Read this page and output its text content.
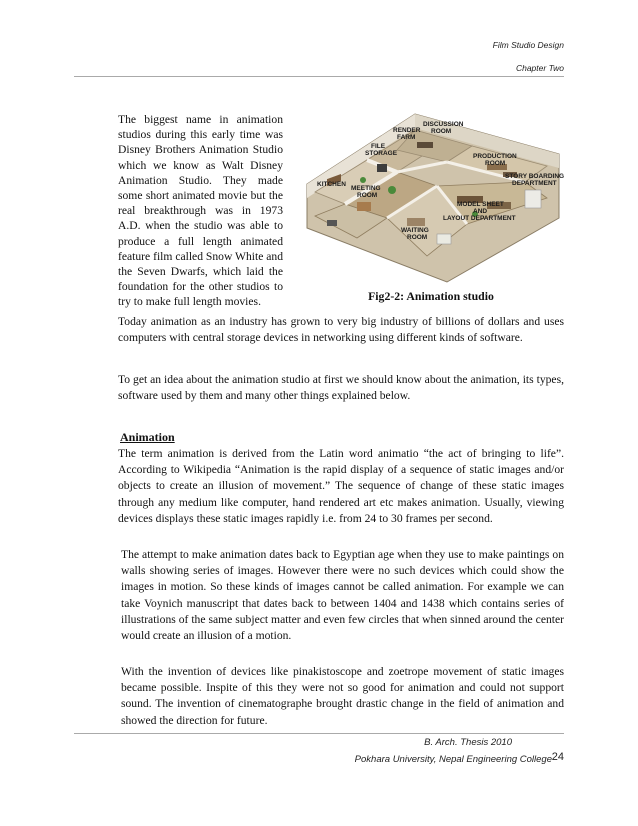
Film Studio Design
Chapter Two

The biggest name in animation studios during this early time was Disney Brothers Animation Studio which we know as Walt Disney Animation Studio. They made some short animated movie but the real breakthrough was in 1973 A.D. when the studio was able to produce a full length animated feature film called Snow White and the Seven Dwarfs, which laid the foundation for the other studios to try to make full length movies.

RENDER
FARM
DISCUSSION
ROOM
FILE
STORAGE	PRODUCTION
ROOM
KITCHEN
MEETING
ROOM
STORY BOARDING
DEPARTMENT
MODEL SHEET
AND
LAYOUT DEPARTMENT
WAITING
ROOM
Fig2-2: Animation studio

Today animation as an industry has grown to very big industry of billions of dollars and uses computers with central storage devices in networking using different kinds of software.

To get an idea about the animation studio at first we should know about the animation, its types, software used by them and many other things explained below.

Animation

The term animation is derived from the Latin word animatio “the act of bringing to life”. According to Wikipedia “Animation is the rapid display of a sequence of static images and/or objects to create an illusion of movement.” The sequence of change of these static images through any medium like computer, hand rendered art etc makes animation. Usually, viewing devices displays these static images rapidly i.e. from 24 to 30 frames per second.

The attempt to make animation dates back to Egyptian age when they use to make paintings on walls showing series of images. However there were no such devices which could show the images in motion. So these kinds of images cannot be called animation. For example we can take Voynich manuscript that dates back to between 1404 and 1438 which contains series of illustrations of the same subject matter and even few circles that when sinned around the center would create an illusion of a motion.

With the invention of devices like pinakistoscope and zoetrope movement of static images became possible. Inspite of this they were not so good for animation and could not support sound. The invention of cinematographe brought drastic change in the field of animation and showed the direction for future.

B. Arch. Thesis 2010
Pokhara University, Nepal Engineering College 24
